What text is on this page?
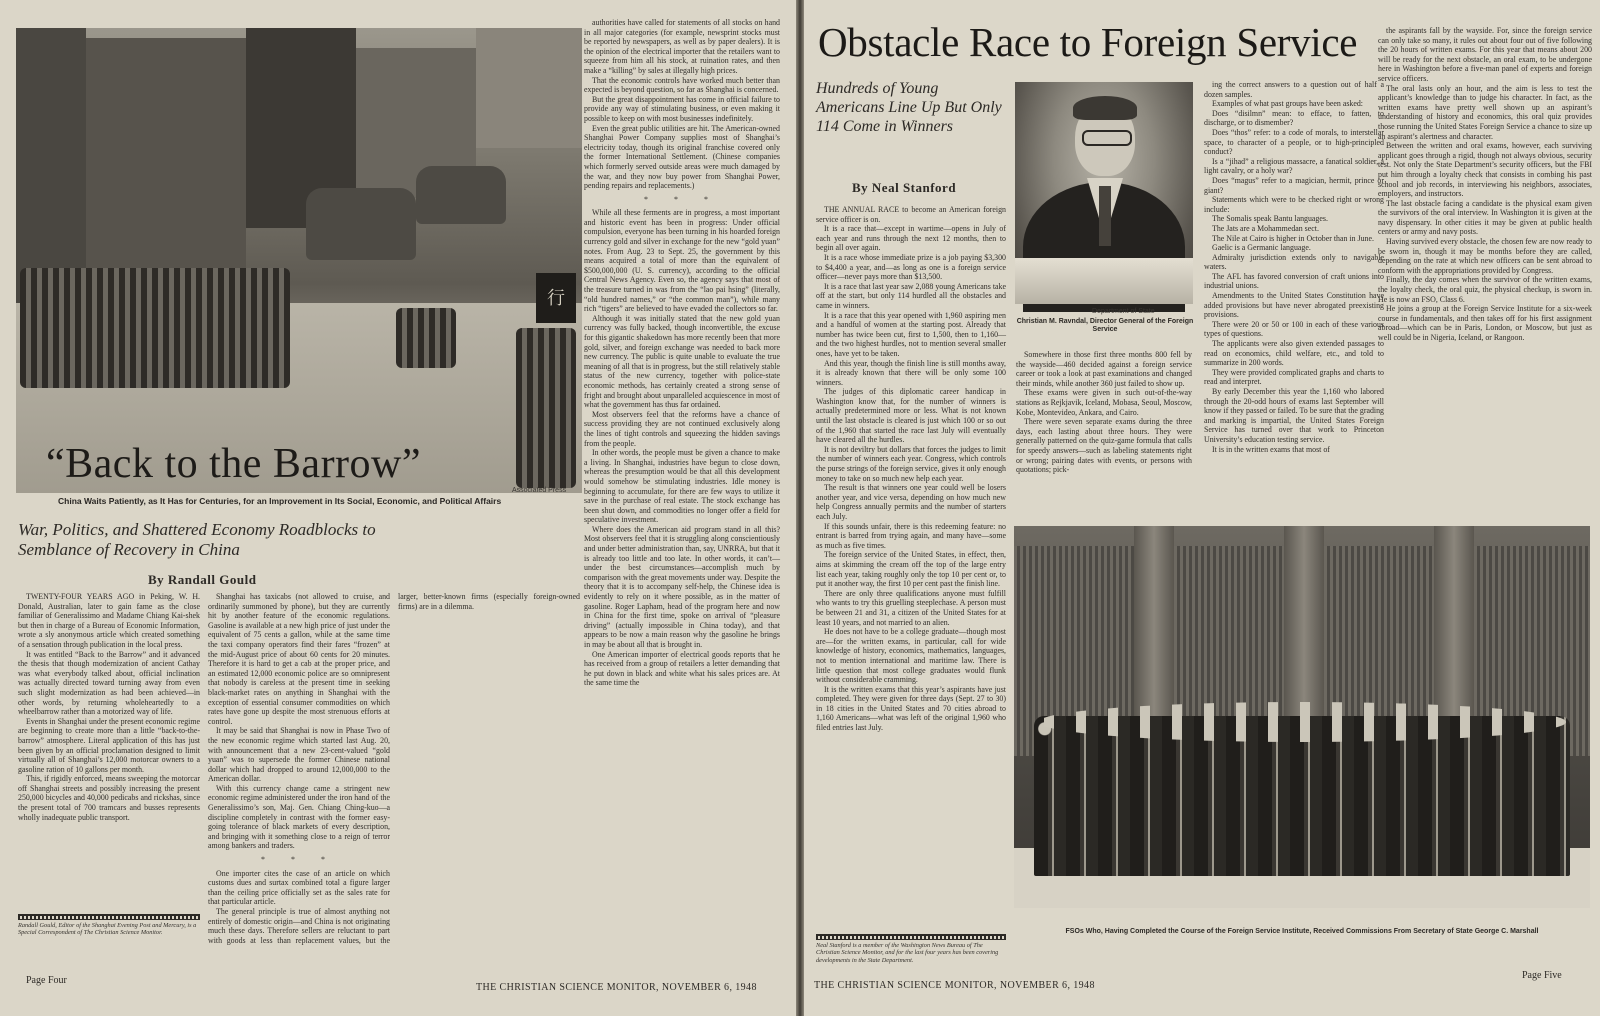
行
“Back to the Barrow”
Associated Press
China Waits Patiently, as It Has for Centuries, for an Improvement in Its Social, Economic, and Political Affairs
War, Politics, and Shattered Economy Roadblocks to Semblance of Recovery in China
By Randall Gould

TWENTY-FOUR YEARS AGO in Peking, W. H. Donald, Australian, later to gain fame as the close familiar of Generalissimo and Madame Chiang Kai-shek but then in charge of a Bureau of Economic Information, wrote a sly anonymous article which created something of a sensation through publication in the local press.

It was entitled “Back to the Barrow” and it advanced the thesis that though modernization of ancient Cathay was what everybody talked about, official inclination was actually directed toward turning away from even such slight modernization as had been achieved—in other words, by returning wholeheartedly to a wheelbarrow rather than a motorized way of life.

Events in Shanghai under the present economic regime are beginning to create more than a little “back-to-the-barrow” atmosphere. Literal application of this has just been given by an official proclamation designed to limit virtually all of Shanghai’s 12,000 motorcar owners to a gasoline ration of 10 gallons per month.

This, if rigidly enforced, means sweeping the motorcar off Shanghai streets and possibly increasing the present 250,000 bicycles and 40,000 pedicabs and rickshas, since the present total of 700 tramcars and busses represents wholly inadequate public transport.

Randall Gould, Editor of the Shanghai Evening Post and Mercury, is a Special Correspondent of The Christian Science Monitor.

Shanghai has taxicabs (not allowed to cruise, and ordinarily summoned by phone), but they are currently hit by another feature of the economic regulations. Gasoline is available at a new high price of just under the equivalent of 75 cents a gallon, while at the same time the taxi company operators find their fares “frozen” at the mid-August price of about 60 cents for 20 minutes. Therefore it is hard to get a cab at the proper price, and an estimated 12,000 economic police are so omnipresent that nobody is careless at the present time in seeking black-market rates on anything in Shanghai with the exception of essential consumer commodities on which rates have gone up despite the most strenuous efforts at control.

It may be said that Shanghai is now in Phase Two of the new economic regime which started last Aug. 20, with announcement that a new 23-cent-valued “gold yuan” was to supersede the former Chinese national dollar which had dropped to around 12,000,000 to the American dollar.

With this currency change came a stringent new economic regime administered under the iron hand of the Generalissimo’s son, Maj. Gen. Chiang Ching-kuo—a discipline completely in contrast with the former easy-going tolerance of black markets of every description, and bringing with it something close to a reign of terror among bankers and traders.

* * *

One importer cites the case of an article on which customs dues and surtax combined total a figure larger than the ceiling price officially set as the sales rate for that particular article.

The general principle is true of almost anything not entirely of domestic origin—and China is not originating much these days. Therefore sellers are reluctant to part with goods at less than replacement values, but the larger, better-known firms (especially foreign-owned firms) are in a dilemma.

authorities have called for statements of all stocks on hand in all major categories (for example, newsprint stocks must be reported by newspapers, as well as by paper dealers). It is the opinion of the electrical importer that the retailers want to squeeze from him all his stock, at ruination rates, and then make a “killing” by sales at illegally high prices.

That the economic controls have worked much better than expected is beyond question, so far as Shanghai is concerned.

But the great disappointment has come in official failure to provide any way of stimulating business, or even making it possible to keep on with most businesses indefinitely.

Even the great public utilities are hit. The American-owned Shanghai Power Company supplies most of Shanghai’s electricity today, though its original franchise covered only the former International Settlement. (Chinese companies which formerly served outside areas were much damaged by the war, and they now buy power from Shanghai Power, pending repairs and replacements.)

* * *

While all these ferments are in progress, a most important and historic event has been in progress: Under official compulsion, everyone has been turning in his hoarded foreign currency gold and silver in exchange for the new “gold yuan” notes. From Aug. 23 to Sept. 25, the government by this means acquired a total of more than the equivalent of $500,000,000 (U. S. currency), according to the official Central News Agency. Even so, the agency says that most of the treasure turned in was from the “lao pai hsing” (literally, “old hundred names,” or “the common man”), while many rich “tigers” are believed to have evaded the collectors so far.

Although it was initially stated that the new gold yuan currency was fully backed, though inconvertible, the excuse for this gigantic shakedown has more recently been that more gold, silver, and foreign exchange was needed to back more new currency. The public is quite unable to evaluate the true meaning of all that is in progress, but the still relatively stable status of the new currency, together with police-state economic methods, has certainly created a strong sense of fright and brought about unparalleled acquiescence in most of what the government has thus far ordained.

Most observers feel that the reforms have a chance of success providing they are not continued exclusively along the lines of tight controls and squeezing the hidden savings from the people.

In other words, the people must be given a chance to make a living. In Shanghai, industries have begun to close down, whereas the presumption would be that all this development would somehow be stimulating industries. Idle money is beginning to accumulate, for there are few ways to utilize it save in the purchase of real estate. The stock exchange has been shut down, and commodities no longer offer a field for speculative investment.

Where does the American aid program stand in all this? Most observers feel that it is struggling along conscientiously and under better administration than, say, UNRRA, but that it is already too little and too late. In other words, it can’t—under the best circumstances—accomplish much by comparison with the great movements under way. Despite the theory that it is to accompany self-help, the Chinese idea is evidently to rely on it where possible, as in the matter of gasoline. Roger Lapham, head of the program here and now in China for the first time, spoke on arrival of “pleasure driving” (actually impossible in China today), and that appears to be now a main reason why the gasoline he brings in may be about all that is brought in.

One American importer of electrical goods reports that he has received from a group of retailers a letter demanding that he put down in black and white what his sales prices are. At the same time the

Page Four
THE CHRISTIAN SCIENCE MONITOR, NOVEMBER 6, 1948
Obstacle Race to Foreign Service
Hundreds of Young Americans Line Up But Only 114 Come in Winners
By Neal Stanford
Department of State
Christian M. Ravndal, Director General of the Foreign Service

THE ANNUAL RACE to become an American foreign service officer is on.

It is a race that—except in wartime—opens in July of each year and runs through the next 12 months, then to begin all over again.

It is a race whose immediate prize is a job paying $3,300 to $4,400 a year, and—as long as one is a foreign service officer—never pays more than $13,500.

It is a race that last year saw 2,088 young Americans take off at the start, but only 114 hurdled all the obstacles and came in winners.

It is a race that this year opened with 1,960 aspiring men and a handful of women at the starting post. Already that number has twice been cut, first to 1,500, then to 1,160—and the two highest hurdles, not to mention several smaller ones, have yet to be taken.

And this year, though the finish line is still months away, it is already known that there will be only some 100 winners.

The judges of this diplomatic career handicap in Washington know that, for the number of winners is actually predetermined more or less. What is not known until the last obstacle is cleared is just which 100 or so out of the 1,960 that started the race last July will eventually have cleared all the hurdles.

It is not deviltry but dollars that forces the judges to limit the number of winners each year. Congress, which controls the purse strings of the foreign service, gives it only enough money to take on so much new help each year.

The result is that winners one year could well be losers another year, and vice versa, depending on how much new help Congress annually permits and the number of starters each July.

If this sounds unfair, there is this redeeming feature: no entrant is barred from trying again, and many have—some as much as five times.

The foreign service of the United States, in effect, then, aims at skimming the cream off the top of the large entry list each year, taking roughly only the top 10 per cent or, to put it another way, the first 10 per cent past the finish line.

There are only three qualifications anyone must fulfill who wants to try this gruelling steeplechase. A person must be between 21 and 31, a citizen of the United States for at least 10 years, and not married to an alien.

He does not have to be a college graduate—though most are—for the written exams, in particular, call for wide knowledge of history, economics, mathematics, languages, not to mention international and maritime law. There is little question that most college graduates would flunk without considerable cramming.

It is the written exams that this year’s aspirants have just completed. They were given for three days (Sept. 27 to 30) in 18 cities in the United States and 70 cities abroad to 1,160 Americans—what was left of the original 1,960 who filed entries last July.

Neal Stanford is a member of the Washington News Bureau of The Christian Science Monitor, and for the last four years has been covering developments in the State Department.

Somewhere in those first three months 800 fell by the wayside—460 decided against a foreign service career or took a look at past examinations and changed their minds, while another 360 just failed to show up.

These exams were given in such out-of-the-way stations as Rejkjavik, Iceland, Mobasa, Seoul, Moscow, Kobe, Montevideo, Ankara, and Cairo.

There were seven separate exams during the three days, each lasting about three hours. They were generally patterned on the quiz-game formula that calls for speedy answers—such as labeling statements right or wrong; pairing dates with events, or persons with quotations; pick-

ing the correct answers to a question out of half a dozen samples.

Examples of what past groups have been asked:

Does “disilmn” mean: to efface, to fatten, to discharge, or to dismember?

Does “thos” refer: to a code of morals, to interstellar space, to character of a people, or to high-principled conduct?

Is a “jihad” a religious massacre, a fanatical soldier, a light cavalry, or a holy war?

Does “magus” refer to a magician, hermit, prince or giant?

Statements which were to be checked right or wrong include:

The Somalis speak Bantu languages.

The Jats are a Mohammedan sect.

The Nile at Cairo is higher in October than in June.

Gaelic is a Germanic language.

Admiralty jurisdiction extends only to navigable waters.

The AFL has favored conversion of craft unions into industrial unions.

Amendments to the United States Constitution have added provisions but have never abrogated preexisting provisions.

There were 20 or 50 or 100 in each of these various types of questions.

The applicants were also given extended passages to read on economics, child welfare, etc., and told to summarize in 200 words.

They were provided complicated graphs and charts to read and interpret.

By early December this year the 1,160 who labored through the 20-odd hours of exams last September will know if they passed or failed. To be sure that the grading and marking is impartial, the United States Foreign Service has turned over that work to Princeton University’s education testing service.

It is in the written exams that most of

the aspirants fall by the wayside. For, since the foreign service can only take so many, it rules out about four out of five following the 20 hours of written exams. For this year that means about 200 will be ready for the next obstacle, an oral exam, to be undergone here in Washington before a five-man panel of experts and foreign service officers.

The oral lasts only an hour, and the aim is less to test the applicant’s knowledge than to judge his character. In fact, as the written exams have pretty well shown up an aspirant’s understanding of history and economics, this oral quiz provides those running the United States Foreign Service a chance to size up an aspirant’s alertness and character.

Between the written and oral exams, however, each surviving applicant goes through a rigid, though not always obvious, security test. Not only the State Department’s security officers, but the FBI put him through a loyalty check that consists in combing his past school and job records, in interviewing his neighbors, associates, employers, and instructors.

The last obstacle facing a candidate is the physical exam given the survivors of the oral interview. In Washington it is given at the navy dispensary. In other cities it may be given at public health centers or army and navy posts.

Having survived every obstacle, the chosen few are now ready to be sworn in, though it may be months before they are called, depending on the rate at which new officers can be sent abroad to conform with the appropriations provided by Congress.

Finally, the day comes when the survivor of the written exams, the loyalty check, the oral quiz, the physical checkup, is sworn in. He is now an FSO, Class 6.

He joins a group at the Foreign Service Institute for a six-week course in fundamentals, and then takes off for his first assignment abroad—which can be in Paris, London, or Moscow, but just as well could be in Nigeria, Iceland, or Rangoon.

FSOs Who, Having Completed the Course of the Foreign Service Institute, Received Commissions From Secretary of State George C. Marshall
THE CHRISTIAN SCIENCE MONITOR, NOVEMBER 6, 1948
Page Five
